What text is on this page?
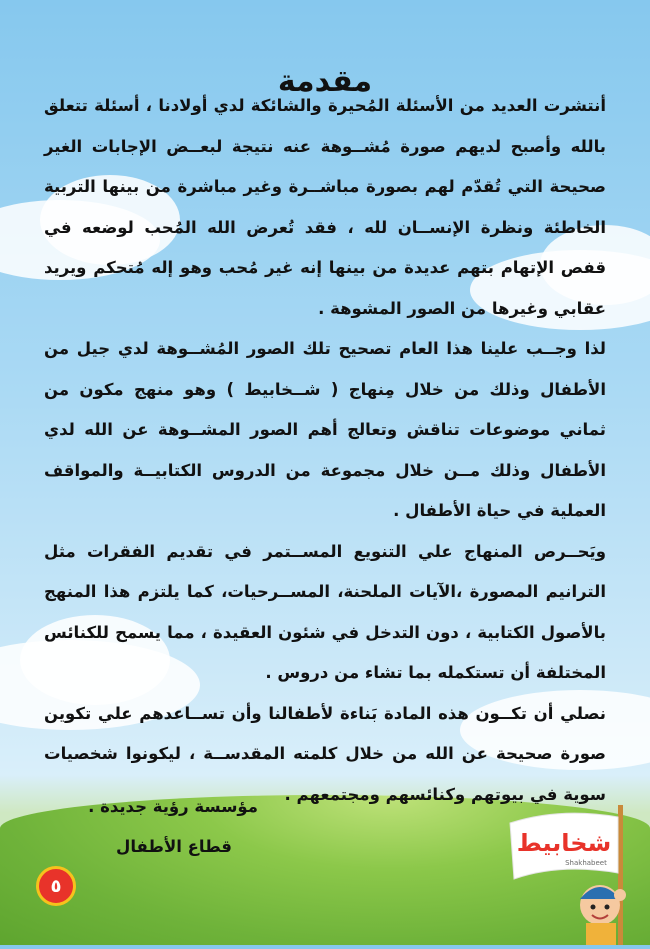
مقدمة

أنتشرت العديد من الأسئلة المُحيرة والشائكة لدي أولادنا ، أسئلة تتعلق بالله وأصبح لديهم صورة مُشــوهة عنه نتيجة لبعــض الإجابات الغير صحيحة التي تُقدّم لهم بصورة مباشــرة وغير مباشرة من بينها التربية الخاطئة ونظرة الإنســان لله ، فقد تُعرض الله المُحب لوضعه في قفص الإتهام بتهم عديدة من بينها إنه غير مُحب وهو إله مُتحكم ويريد عقابي وغيرها من الصور المشوهة .

لذا وجــب علينا هذا العام تصحيح تلك الصور المُشــوهة لدي جيل من الأطفال وذلك من خلال مِنهاج ( شــخابيط ) وهو منهج مكون من ثماني موضوعات تناقش وتعالج أهم الصور المشــوهة عن الله لدي الأطفال وذلك مــن خلال مجموعة من الدروس الكتابيــة والمواقف العملية في حياة الأطفال .

ويَحــرص المنهاج علي التنويع المســتمر في تقديم الفقرات مثل الترانيم المصورة ،الآيات الملحنة، المســرحيات، كما يلتزم هذا المنهج بالأصول الكتابية ، دون التدخل في شئون العقيدة ، مما يسمح للكنائس المختلفة أن تستكمله بما تشاء من دروس .

نصلي أن تكــون هذه المادة بَناءة لأطفالنا وأن تســاعدهم علي تكوين صورة صحيحة عن الله من خلال كلمته المقدســة ، ليكونوا شخصيات سوية في بيوتهم وكنائسهم ومجتمعهم .

مؤسسة رؤية جديدة .
قطاع الأطفال
٥
شخابيط
Shakhabeet
